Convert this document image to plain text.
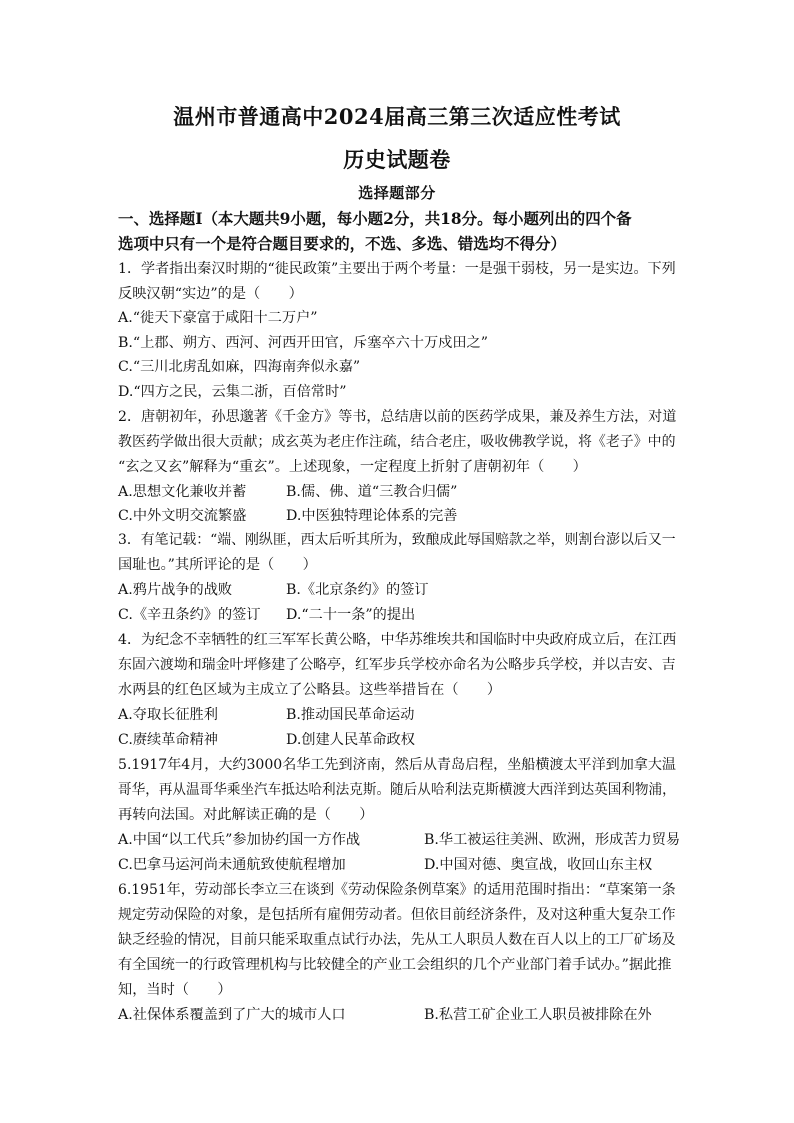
温州市普通高中2024届高三第三次适应性考试
历史试题卷
选择题部分
一、选择题Ⅰ（本大题共9小题，每小题2分，共18分。每小题列出的四个备
选项中只有一个是符合题目要求的，不选、多选、错选均不得分）
1．学者指出秦汉时期的“徙民政策”主要出于两个考量：一是强干弱枝，另一是实边。下列
反映汉朝“实边”的是（　　）
A.“徙天下豪富于咸阳十二万户”
B.“上郡、朔方、西河、河西开田官，斥塞卒六十万戍田之”
C.“三川北虏乱如麻，四海南奔似永嘉”
D.“四方之民，云集二浙，百倍常时”
2．唐朝初年，孙思邈著《千金方》等书，总结唐以前的医药学成果，兼及养生方法，对道
教医药学做出很大贡献；成玄英为老庄作注疏，结合老庄，吸收佛教学说，将《老子》中的
“玄之又玄”解释为“重玄”。上述现象，一定程度上折射了唐朝初年（　　）
A.思想文化兼收并蓄	B.儒、佛、道“三教合归儒”
C.中外文明交流繁盛	D.中医独特理论体系的完善
3．有笔记载：“端、刚纵匪，西太后听其所为，致酿成此辱国赔款之举，则割台澎以后又一
国耻也。”其所评论的是（　　）
A.鸦片战争的战败	B.《北京条约》的签订
C.《辛丑条约》的签订 D.“二十一条”的提出
4．为纪念不幸牺牲的红三军军长黄公略，中华苏维埃共和国临时中央政府成立后，在江西
东固六渡坳和瑞金叶坪修建了公略亭，红军步兵学校亦命名为公略步兵学校，并以吉安、吉
水两县的红色区域为主成立了公略县。这些举措旨在（　　）
A.夺取长征胜利	B.推动国民革命运动
C.赓续革命精神	D.创建人民革命政权
5.1917年4月，大约3000名华工先到济南，然后从青岛启程，坐船横渡太平洋到加拿大温
哥华，再从温哥华乘坐汽车抵达哈利法克斯。随后从哈利法克斯横渡大西洋到达英国利物浦，
再转向法国。对此解读正确的是（　　）
A.中国“以工代兵”参加协约国一方作战	B.华工被运往美洲、欧洲，形成苦力贸易
C.巴拿马运河尚未通航致使航程增加	D.中国对德、奥宣战，收回山东主权
6.1951年，劳动部长李立三在谈到《劳动保险条例草案》的适用范围时指出：“草案第一条
规定劳动保险的对象，是包括所有雇佣劳动者。但依目前经济条件，及对这种重大复杂工作
缺乏经验的情况，目前只能采取重点试行办法，先从工人职员人数在百人以上的工厂矿场及
有全国统一的行政管理机构与比较健全的产业工会组织的几个产业部门着手试办。”据此推
知，当时（　　）
A.社保体系覆盖到了广大的城市人口	B.私营工矿企业工人职员被排除在外
